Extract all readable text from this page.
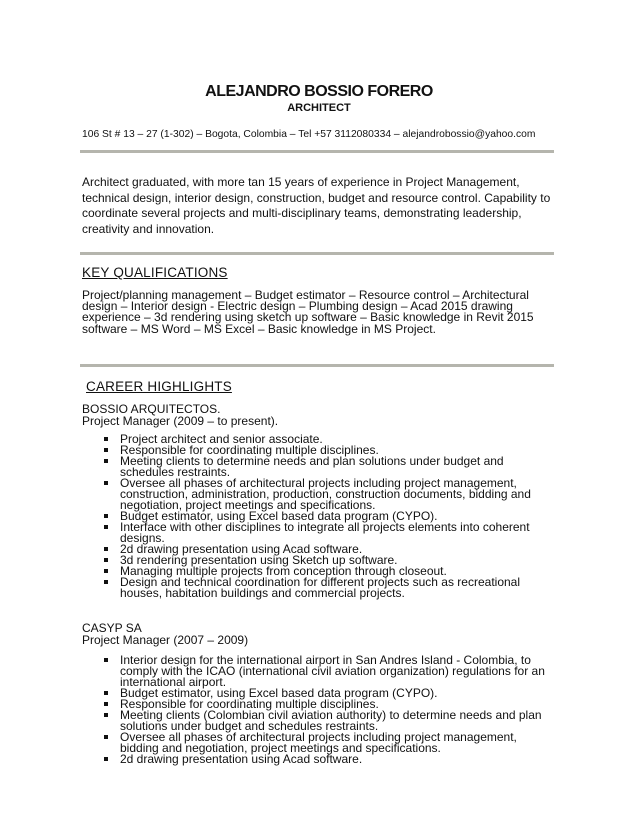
ALEJANDRO BOSSIO FORERO
ARCHITECT
106 St # 13 – 27 (1-302) – Bogota, Colombia – Tel +57 3112080334 – alejandrobossio@yahoo.com

Architect graduated, with more tan 15 years of experience in Project Management, technical design, interior design, construction, budget and resource control. Capability to coordinate several projects and multi-disciplinary teams, demonstrating leadership, creativity and innovation.

KEY QUALIFICATIONS

Project/planning management – Budget estimator – Resource control – Architectural design – Interior design - Electric design – Plumbing design – Acad 2015 drawing experience – 3d rendering using sketch up software – Basic knowledge in Revit 2015 software – MS Word – MS Excel – Basic knowledge in MS Project.

CAREER HIGHLIGHTS
BOSSIO ARQUITECTOS.
Project Manager (2009 – to present).
Project architect and senior associate.
Responsible for coordinating multiple disciplines.
Meeting clients to determine needs and plan solutions under budget and schedules restraints.
Oversee all phases of architectural projects including project management, construction, administration, production, construction documents, bidding and negotiation, project meetings and specifications.
Budget estimator, using Excel based data program (CYPO).
Interface with other disciplines to integrate all projects elements into coherent designs.
2d drawing presentation using Acad software.
3d rendering presentation using Sketch up software.
Managing multiple projects from conception through closeout.
Design and technical coordination for different projects such as recreational houses, habitation buildings and commercial projects.
CASYP SA
Project Manager (2007 – 2009)
Interior design for the international airport in San Andres Island - Colombia, to comply with the ICAO (international civil aviation organization) regulations for an international airport.
Budget estimator, using Excel based data program (CYPO).
Responsible for coordinating multiple disciplines.
Meeting clients (Colombian civil aviation authority) to determine needs and plan solutions under budget and schedules restraints.
Oversee all phases of architectural projects including project management, bidding and negotiation, project meetings and specifications.
2d drawing presentation using Acad software.
